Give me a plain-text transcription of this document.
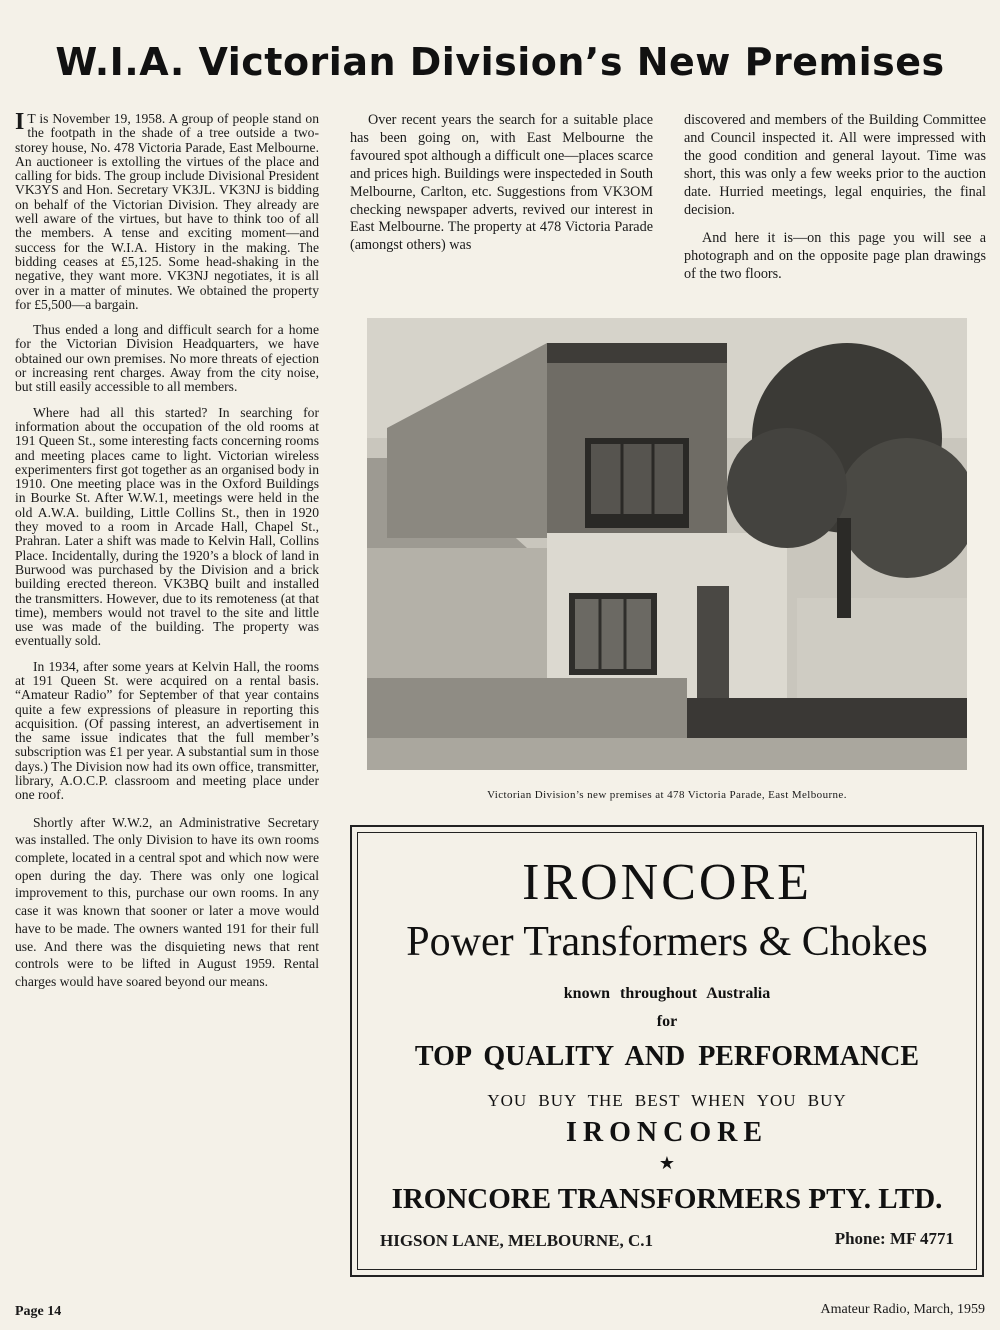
W.I.A. Victorian Division’s New Premises

I T is November 19, 1958. A group of people stand on the footpath in the shade of a tree outside a two-storey house, No. 478 Victoria Parade, East Melbourne. An auctioneer is extolling the virtues of the place and calling for bids. The group include Divisional President VK3YS and Hon. Secretary VK3JL. VK3NJ is bidding on behalf of the Victorian Division. They already are well aware of the virtues, but have to think too of all the members. A tense and exciting moment—and success for the W.I.A. History in the making. The bidding ceases at £5,125. Some head-shaking in the negative, they want more. VK3NJ negotiates, it is all over in a matter of minutes. We obtained the property for £5,500—a bargain.

Thus ended a long and difficult search for a home for the Victorian Division Headquarters, we have obtained our own premises. No more threats of ejection or increasing rent charges. Away from the city noise, but still easily accessible to all members.

Where had all this started? In searching for information about the occupation of the old rooms at 191 Queen St., some interesting facts concerning rooms and meeting places came to light. Victorian wireless experimenters first got together as an organised body in 1910. One meeting place was in the Oxford Buildings in Bourke St. After W.W.1, meetings were held in the old A.W.A. building, Little Collins St., then in 1920 they moved to a room in Arcade Hall, Chapel St., Prahran. Later a shift was made to Kelvin Hall, Collins Place. Incidentally, during the 1920’s a block of land in Burwood was purchased by the Division and a brick building erected thereon. VK3BQ built and installed the transmitters. However, due to its remoteness (at that time), members would not travel to the site and little use was made of the building. The property was eventually sold.

In 1934, after some years at Kelvin Hall, the rooms at 191 Queen St. were acquired on a rental basis. “Amateur Radio” for September of that year contains quite a few expressions of pleasure in reporting this acquisition. (Of passing interest, an advertisement in the same issue indicates that the full member’s subscription was £1 per year. A substantial sum in those days.) The Division now had its own office, transmitter, library, A.O.C.P. classroom and meeting place under one roof.

Shortly after W.W.2, an Administrative Secretary was installed. The only Division to have its own rooms complete, located in a central spot and which now were open during the day. There was only one logical improvement to this, purchase our own rooms. In any case it was known that sooner or later a move would have to be made. The owners wanted 191 for their full use. And there was the disquieting news that rent controls were to be lifted in August 1959. Rental charges would have soared beyond our means.

Over recent years the search for a suitable place has been going on, with East Melbourne the favoured spot although a difficult one—places scarce and prices high. Buildings were inspecteded in South Melbourne, Carlton, etc. Suggestions from VK3OM checking newspaper adverts, revived our interest in East Melbourne. The property at 478 Victoria Parade (amongst others) was

discovered and members of the Building Committee and Council inspected it. All were impressed with the good condition and general layout. Time was short, this was only a few weeks prior to the auction date. Hurried meetings, legal enquiries, the final decision.

And here it is—on this page you will see a photograph and on the opposite page plan drawings of the two floors.

Victorian Division’s new premises at 478 Victoria Parade, East Melbourne.
IRONCORE
Power Transformers & Chokes
known throughout Australia
for
TOP QUALITY AND PERFORMANCE
YOU BUY THE BEST WHEN YOU BUY
IRONCORE
★
IRONCORE TRANSFORMERS PTY. LTD.
HIGSON LANE, MELBOURNE, C.1	Phone: MF 4771
Page 14	Amateur Radio, March, 1959
